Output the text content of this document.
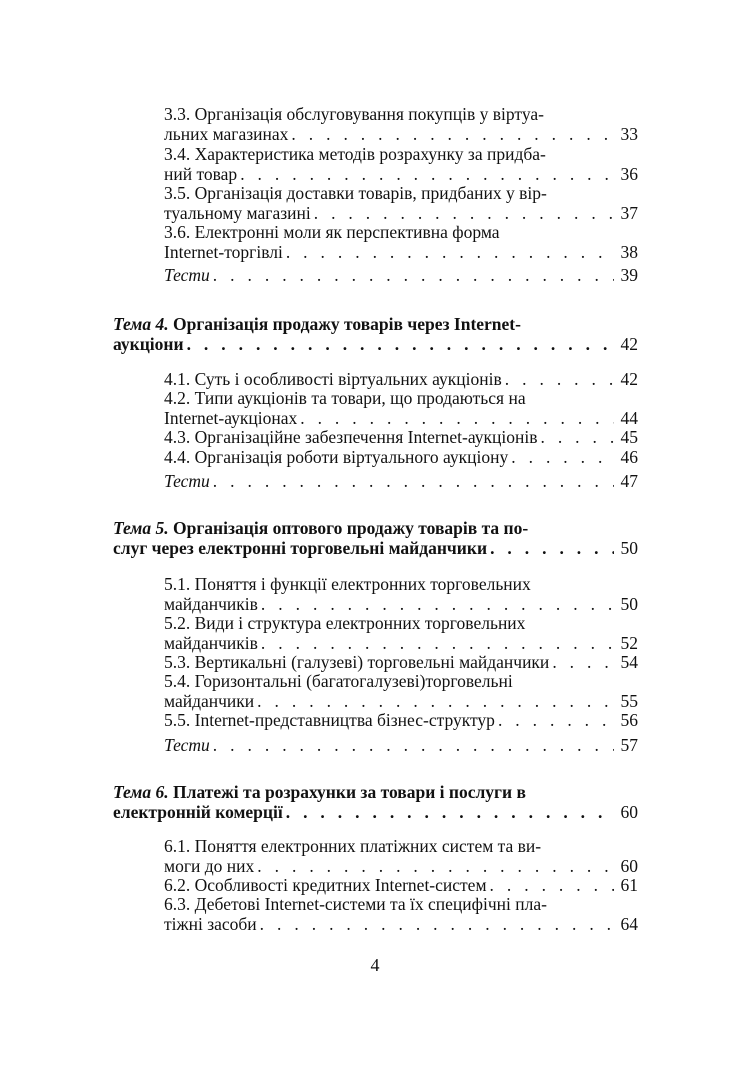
3.3. Організація обслуговування покупців у віртуа-
льних магазинах . . .	33
3.4. Характеристика методів розрахунку за придба-
ний товар . . .	36
3.5. Організація доставки товарів, придбаних у вір-
туальному магазині . . .	37
3.6. Електронні моли як перспективна форма
Internet-торгівлі . . .	38
Тести . . .	39
Тема 4. Організація продажу товарів через Internet-
аукціони . . .	42
4.1. Суть і особливості віртуальних аукціонів . . .	42
4.2. Типи аукціонів та товари, що продаються на
Internet-аукціонах . . .	44
4.3. Організаційне забезпечення Internet-аукціонів . . .	45
4.4. Організація роботи віртуального аукціону . . .	46
Тести . . .	47
Тема 5. Організація оптового продажу товарів та по-
слуг через електронні торговельні майданчики . . .	50
5.1. Поняття і функції електронних торговельних
майданчиків . . .	50
5.2. Види і структура електронних торговельних
майданчиків . . .	52
5.3. Вертикальні (галузеві) торговельні майданчики . . .	54
5.4. Горизонтальні (багатогалузеві)торговельні
майданчики . . .	55
5.5. Internet-представництва бізнес-структур . . .	56
Тести . . .	57
Тема 6. Платежі та розрахунки за товари і послуги в
електронній комерції . . .	60
6.1. Поняття електронних платіжних систем та ви-
моги до них . . .	60
6.2. Особливості кредитних Internet-систем . . .	61
6.3. Дебетові Internet-системи та їх специфічні пла-
тіжні засоби . . .	64
4
